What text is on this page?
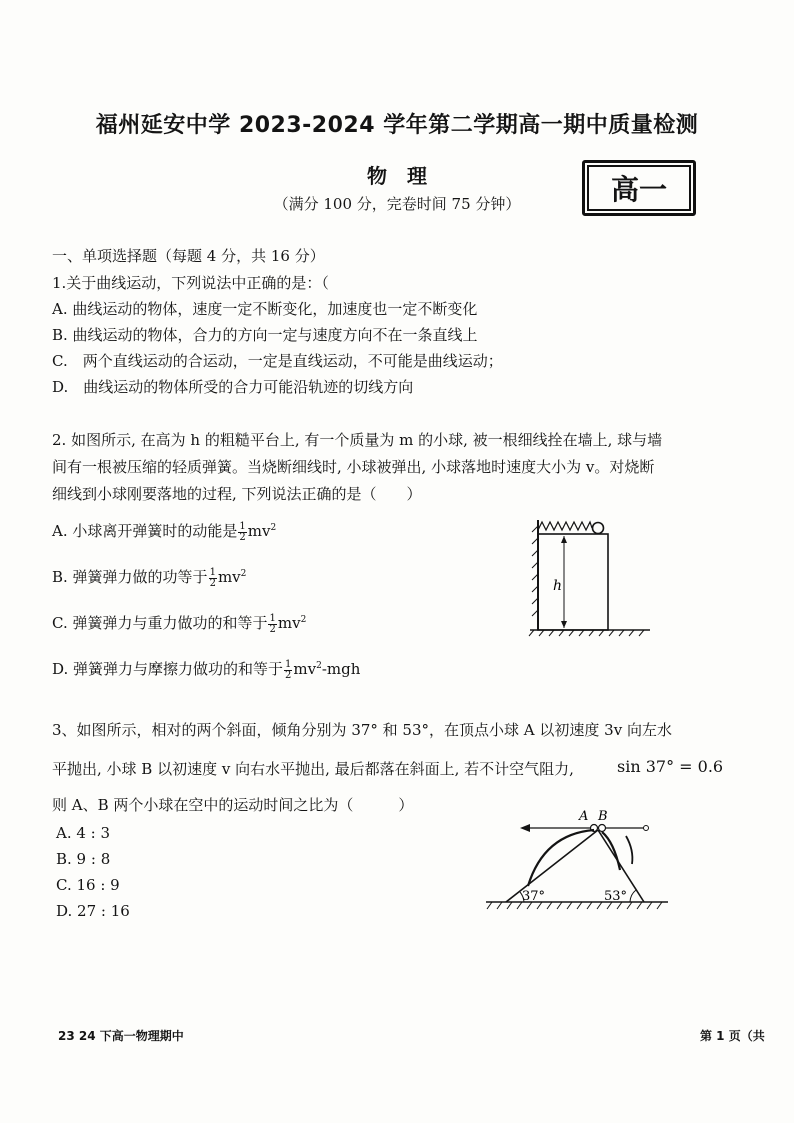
福州延安中学 2023-2024 学年第二学期高一期中质量检测
物　理
（满分 100 分，完卷时间 75 分钟）	高一
一、单项选择题（每题 4 分，共 16 分）
1.关于曲线运动，下列说法中正确的是：（
A. 曲线运动的物体，速度一定不断变化，加速度也一定不断变化
B. 曲线运动的物体，合力的方向一定与速度方向不在一条直线上
C.　两个直线运动的合运动，一定是直线运动，不可能是曲线运动；
D.　曲线运动的物体所受的合力可能沿轨迹的切线方向
2. 如图所示, 在高为 h 的粗糙平台上, 有一个质量为 m 的小球, 被一根细线拴在墙上, 球与墙
间有一根被压缩的轻质弹簧。当烧断细线时, 小球被弹出, 小球落地时速度大小为 v。对烧断
细线到小球刚要落地的过程, 下列说法正确的是（　　）
A. 小球离开弹簧时的动能是 $\frac{1}{2} mv^2$
B. 弹簧弹力做的功等于 $\frac{1}{2} mv^2$
C. 弹簧弹力与重力做功的和等于 $\frac{1}{2} mv^2$
D. 弹簧弹力与摩擦力做功的和等于 $\frac{1}{2} mv^2-mgh$
h
3、如图所示，相对的两个斜面，倾角分别为 37° 和 53°，在顶点小球 A 以初速度 3v 向左水
平抛出, 小球 B 以初速度 v 向右水平抛出, 最后都落在斜面上, 若不计空气阻力,	sin 37° = 0.6
则 A、B 两个小球在空中的运动时间之比为（　　　）
A. 4 : 3
B. 9 : 8
C. 16 : 9
D. 27 : 16
A B
37°	53°
23 24 下高一物理期中	第 1 页（共
